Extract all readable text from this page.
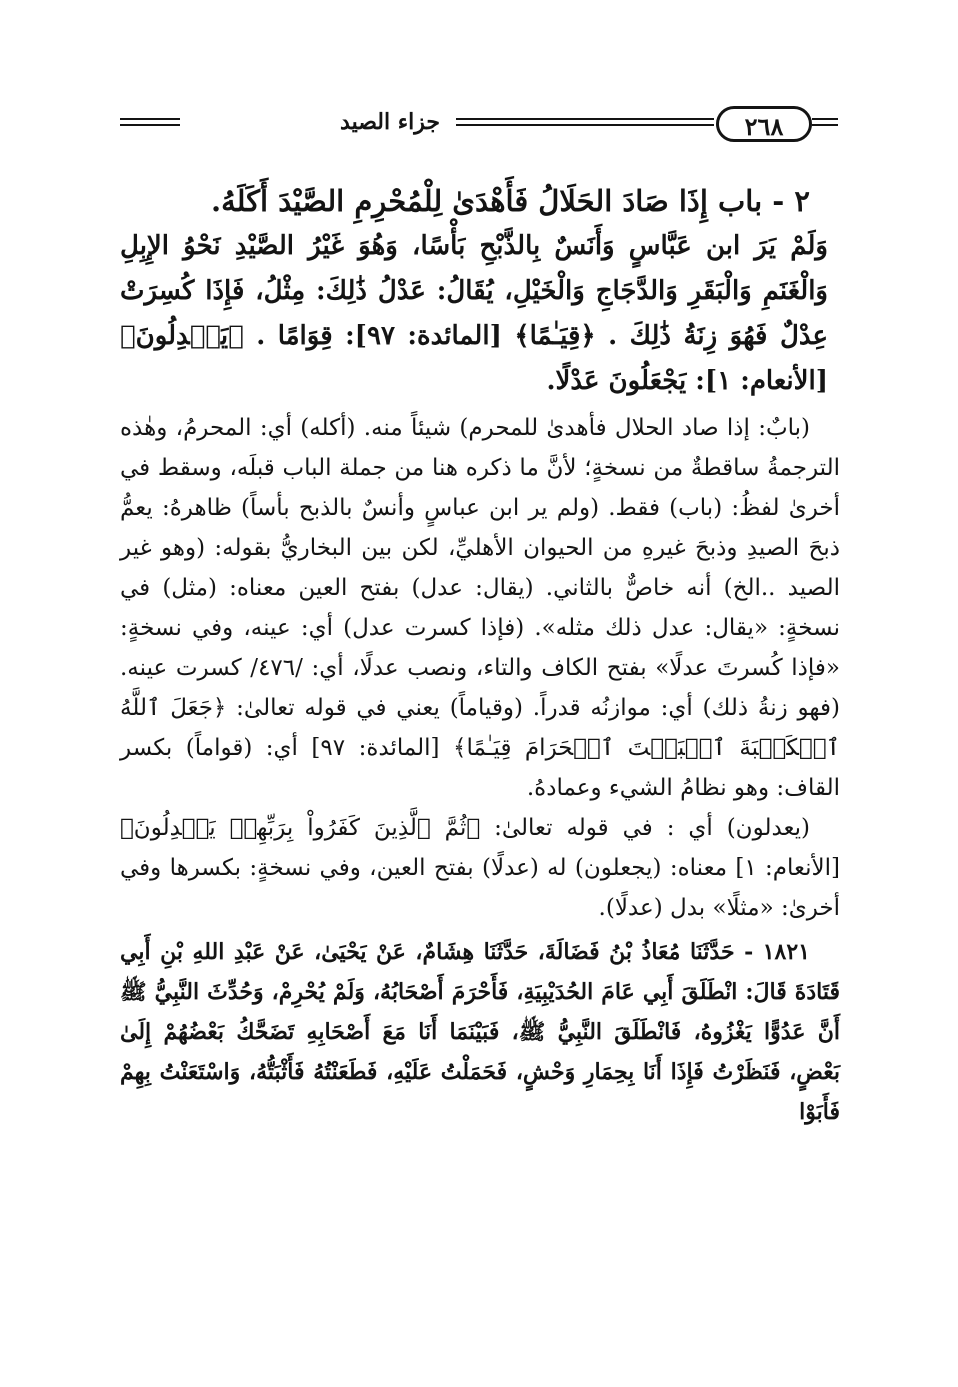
جزاء الصيد	٢٦٨
٢ - باب إِذَا صَادَ الحَلَالُ فَأَهْدَىٰ لِلْمُحْرِمِ الصَّيْدَ أَكَلَهُ.

وَلَمْ يَرَ ابن عَبَّاسٍ وَأَنَسٌ بِالذَّبْحِ بَأْسًا، وَهُوَ غَيْرُ الصَّيْدِ نَحْوُ الإِبِلِ وَالْغَنَمِ وَالْبَقَرِ وَالدَّجَاجِ وَالْخَيْلِ، يُقَالُ: عَدْلُ ذَٰلِكَ: مِثْلُ، فَإِذَا كُسِرَتْ عِدْلٌ فَهُوَ زِنَةُ ذَٰلِكَ . ﴿قِيَـٰمًا﴾ [المائدة: ٩٧]: قِوَامًا . ﴿يَعۡدِلُونَ﴾ [الأنعام: ١]: يَجْعَلُونَ عَدْلًا.

(بابٌ: إذا صاد الحلال فأهدىٰ للمحرم) شيئاً منه. (أكله) أي: المحرمُ، وهٰذه الترجمةُ ساقطةٌ من نسخةٍ؛ لأنَّ ما ذكره هنا من جملة الباب قبلَه، وسقط في أخرىٰ لفظُ: (باب) فقط. (ولم ير ابن عباسٍ وأنسٌ بالذبح بأساً) ظاهرهُ: يعمُّ ذبحَ الصيدِ وذبحَ غيرهِ من الحيوان الأهليِّ، لكن بين البخاريُّ بقوله: (وهو غير الصيد ..الخ) أنه خاصٌّ بالثاني. (يقال: عدل) بفتح العين معناه: (مثل) في نسخةٍ: «يقال: عدل ذلك مثله». (فإذا كسرت عدل) أي: عينه، وفي نسخةٍ: «فإذا كُسرتَ عدلًا» بفتح الكاف والتاء، ونصب عدلًا، أي: /٤٧٦/ كسرت عينه. (فهو زنةُ ذلك) أي: موازنُه قدراً. (وقياماً) يعني في قوله تعالىٰ: ﴿جَعَلَ ٱللَّهُ ٱلۡكَعۡبَةَ ٱلۡبَيۡتَ ٱلۡحَرَامَ قِيَـٰمًا﴾ [المائدة: ٩٧] أي: (قواماً) بكسر القاف: وهو نظامُ الشيء وعمادهُ.

(يعدلون) أي : في قوله تعالىٰ: ﴿ثُمَّ ٱلَّذِينَ كَفَرُواْ بِرَبِّهِمۡ يَعۡدِلُونَ﴾ [الأنعام: ١] معناه: (يجعلون) له (عدلًا) بفتح العين، وفي نسخةٍ: بكسرها وفي أخرىٰ: «مثلًا» بدل (عدلًا).

١٨٢١ - حَدَّثَنَا مُعَاذُ بْنُ فَضَالَةَ، حَدَّثَنَا هِشَامٌ، عَنْ يَحْيَىٰ، عَنْ عَبْدِ اللهِ بْنِ أَبِي قَتَادَةَ قَالَ: انْطَلَقَ أَبِي عَامَ الحُدَيْبِيَةِ، فَأَحْرَمَ أَصْحَابُهُ، وَلَمْ يُحْرِمْ، وَحُدِّثَ النَّبِيُّ ﷺ أَنَّ عَدُوًّا يَغْزُوهُ، فَانْطَلَقَ النَّبِيُّ ﷺ، فَبَيْنَمَا أَنَا مَعَ أَصْحَابِهِ تَضَحَّكُ بَعْضُهُمْ إِلَىٰ بَعْضٍ، فَنَظَرْتُ فَإِذَا أَنَا بِحِمَارِ وَحْشٍ، فَحَمَلْتُ عَلَيْهِ، فَطَعَنْتُهُ فَأَثْبَتُّهُ، وَاسْتَعَنْتُ بِهِمْ فَأَبَوْا
